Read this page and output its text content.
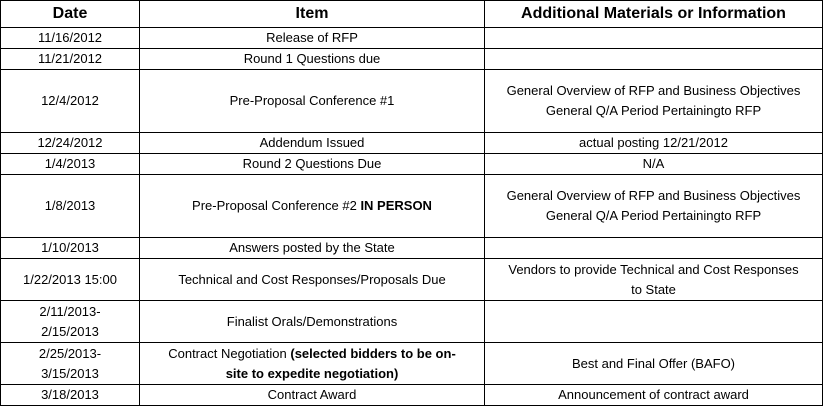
Date	Item	Additional Materials or Information
11/16/2012	Release of RFP	
11/21/2012	Round 1 Questions due	
12/4/2012	Pre-Proposal Conference #1	General Overview of RFP and Business Objectives
General Q/A Period Pertainingto RFP
12/24/2012	Addendum Issued	actual posting 12/21/2012
1/4/2013	Round 2 Questions Due	N/A
1/8/2013	Pre-Proposal Conference #2 IN PERSON	General Overview of RFP and Business Objectives
General Q/A Period Pertainingto RFP
1/10/2013	Answers posted by the State	
1/22/2013 15:00	Technical and Cost Responses/Proposals Due	Vendors to provide Technical and Cost Responses
to State
2/11/2013-
2/15/2013	Finalist Orals/Demonstrations	
2/25/2013-
3/15/2013	Contract Negotiation (selected bidders to be on-
site to expedite negotiation)	Best and Final Offer (BAFO)
3/18/2013	Contract Award	Announcement of contract award
